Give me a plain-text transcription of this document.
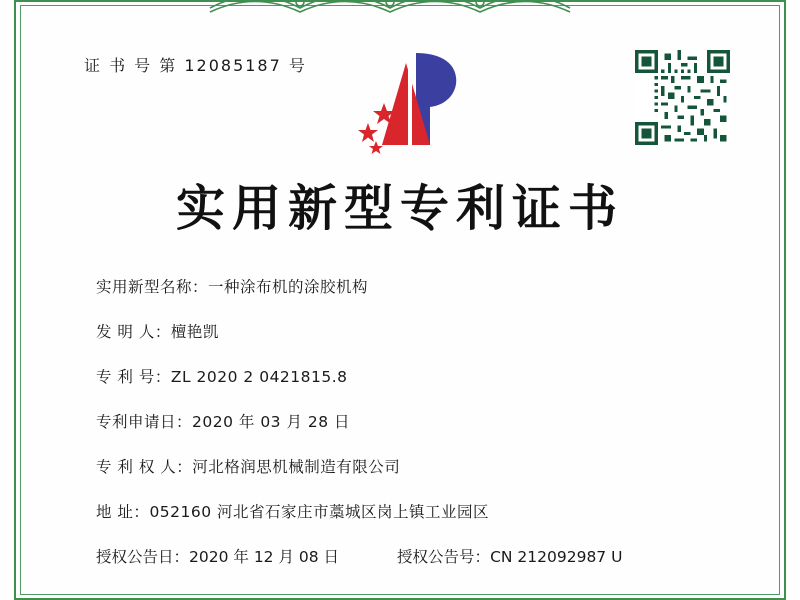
证 书 号 第 12085187 号
实用新型专利证书
实用新型名称： 一种涂布机的涂胶机构
发 明 人： 檀艳凯
专 利 号： ZL 2020 2 0421815.8
专利申请日： 2020 年 03 月 28 日
专 利 权 人： 河北格润思机械制造有限公司
地 址： 052160 河北省石家庄市藁城区岗上镇工业园区
授权公告日：2020 年 12 月 08 日	授权公告号：CN 212092987 U
